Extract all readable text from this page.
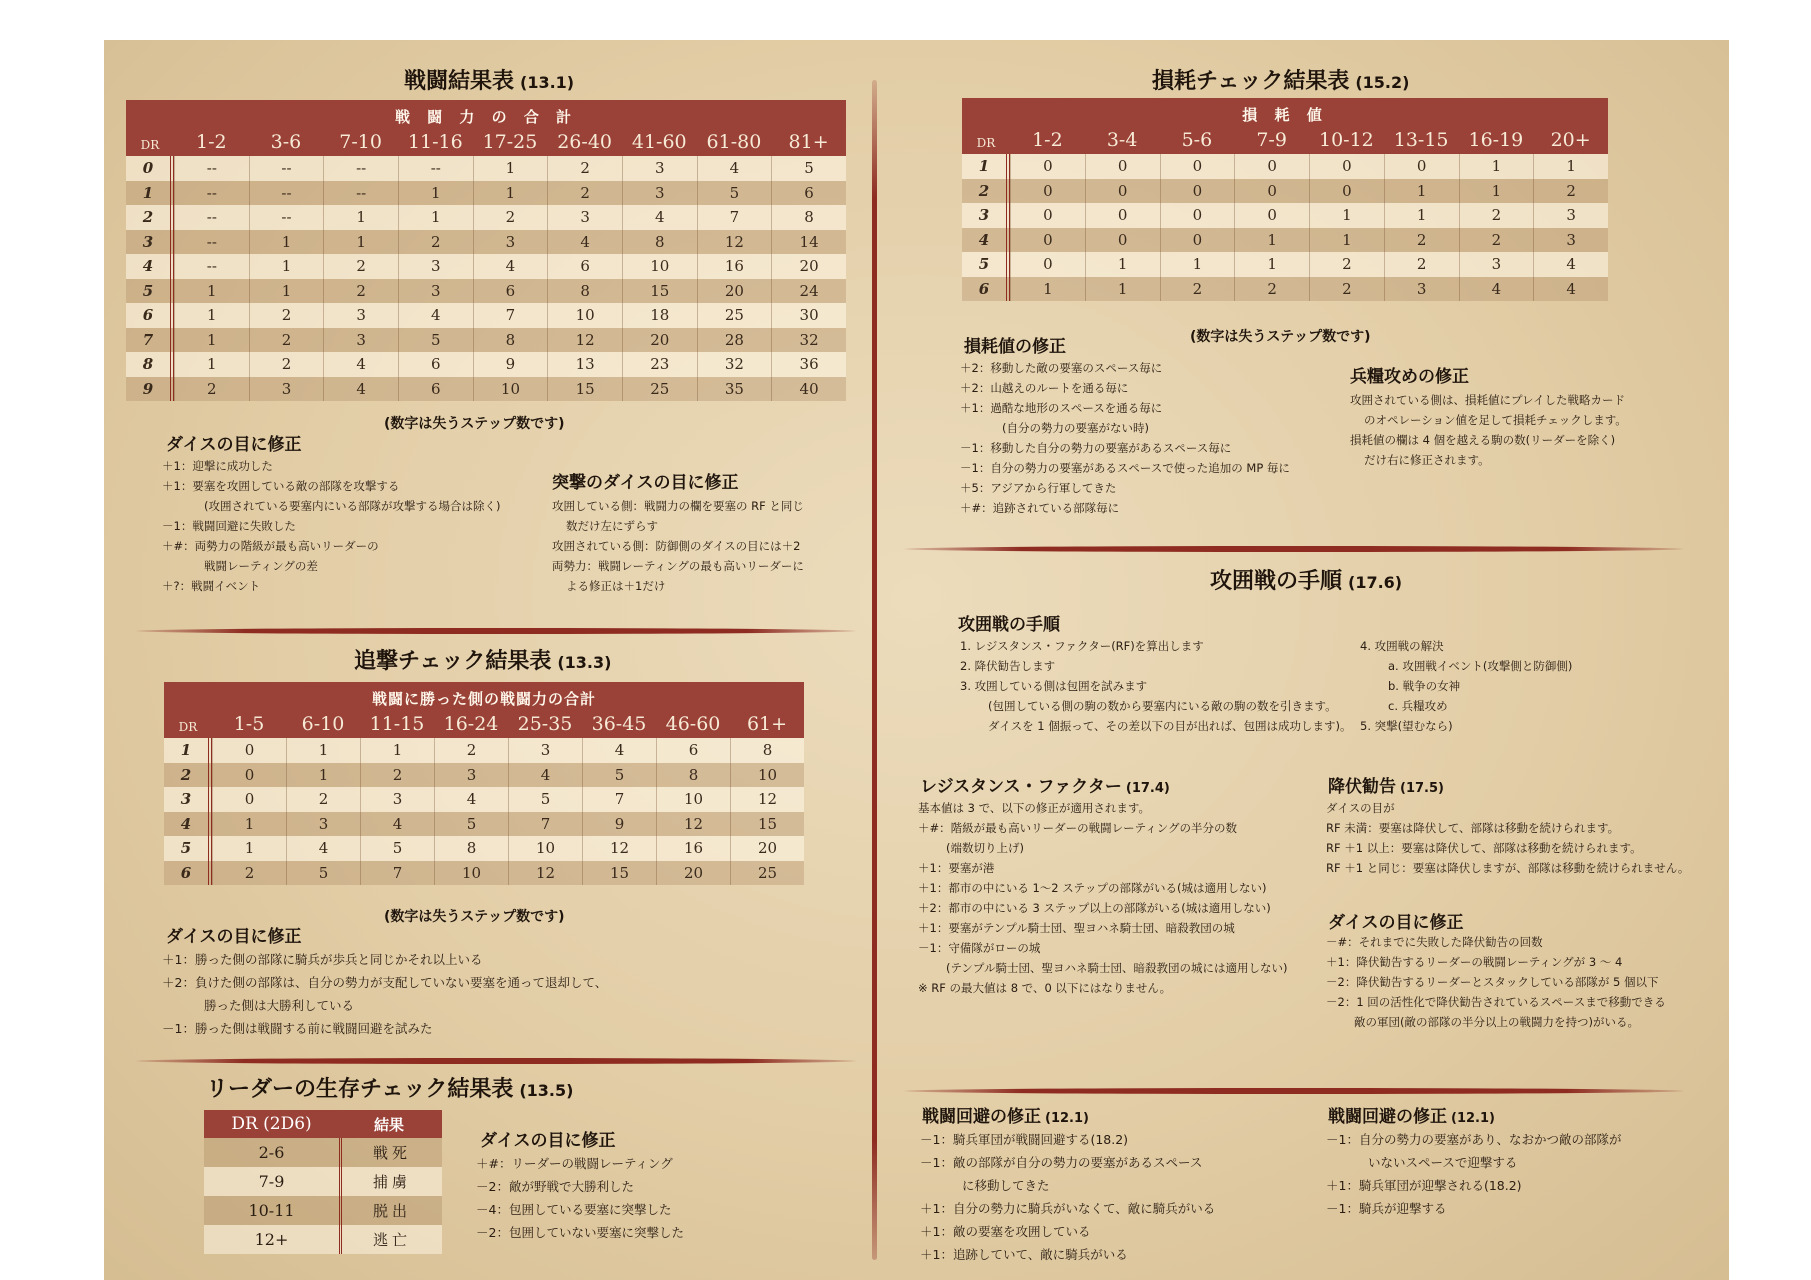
戦闘結果表 (13.1)
戦 闘 力 の 合 計
DR	1-2	3-6	7-10	11-16	17-25	26-40	41-60	61-80	81+
0	--	--	--	--	1	2	3	4	5
1	--	--	--	1	1	2	3	5	6
2	--	--	1	1	2	3	4	7	8
3	--	1	1	2	3	4	8	12	14
4	--	1	2	3	4	6	10	16	20
5	1	1	2	3	6	8	15	20	24
6	1	2	3	4	7	10	18	25	30
7	1	2	3	5	8	12	20	28	32
8	1	2	4	6	9	13	23	32	36
9	2	3	4	6	10	15	25	35	40
(数字は失うステップ数です)
ダイスの目に修正
＋1：迎撃に成功した
＋1：要塞を攻囲している敵の部隊を攻撃する
(攻囲されている要塞内にいる部隊が攻撃する場合は除く)
－1：戦闘回避に失敗した
＋#：両勢力の階級が最も高いリーダーの
戦闘レーティングの差
＋?：戦闘イベント
突撃のダイスの目に修正
攻囲している側：戦闘力の欄を要塞の RF と同じ
数だけ左にずらす
攻囲されている側：防御側のダイスの目には＋2
両勢力：戦闘レーティングの最も高いリーダーに
よる修正は＋1だけ
追撃チェック結果表 (13.3)
戦闘に勝った側の戦闘力の合計
DR	1-5	6-10	11-15	16-24	25-35	36-45	46-60	61+
1	0	1	1	2	3	4	6	8
2	0	1	2	3	4	5	8	10
3	0	2	3	4	5	7	10	12
4	1	3	4	5	7	9	12	15
5	1	4	5	8	10	12	16	20
6	2	5	7	10	12	15	20	25
(数字は失うステップ数です)
ダイスの目に修正
＋1：勝った側の部隊に騎兵が歩兵と同じかそれ以上いる
＋2：負けた側の部隊は、自分の勢力が支配していない要塞を通って退却して、
勝った側は大勝利している
－1：勝った側は戦闘する前に戦闘回避を試みた
リーダーの生存チェック結果表 (13.5)
DR (2D6)	結果
2-6	戦死
7-9	捕虜
10-11	脱出
12+	逃亡
ダイスの目に修正
＋#：リーダーの戦闘レーティング
－2：敵が野戦で大勝利した
－4：包囲している要塞に突撃した
－2：包囲していない要塞に突撃した
損耗チェック結果表 (15.2)
損 耗 値
DR	1-2	3-4	5-6	7-9	10-12	13-15	16-19	20+
1	0	0	0	0	0	0	1	1
2	0	0	0	0	0	1	1	2
3	0	0	0	0	1	1	2	3
4	0	0	0	1	1	2	2	3
5	0	1	1	1	2	2	3	4
6	1	1	2	2	2	3	4	4
(数字は失うステップ数です)
損耗値の修正
＋2：移動した敵の要塞のスペース毎に
＋2：山越えのルートを通る毎に
＋1：過酷な地形のスペースを通る毎に
(自分の勢力の要塞がない時)
－1：移動した自分の勢力の要塞があるスペース毎に
－1：自分の勢力の要塞があるスペースで使った追加の MP 毎に
＋5：アジアから行軍してきた
＋#：追跡されている部隊毎に
兵糧攻めの修正
攻囲されている側は、損耗値にプレイした戦略カード
のオペレーション値を足して損耗チェックします。
損耗値の欄は 4 個を越える駒の数(リーダーを除く)
だけ右に修正されます。
攻囲戦の手順 (17.6)
攻囲戦の手順
1. レジスタンス・ファクター(RF)を算出します
2. 降伏勧告します
3. 攻囲している側は包囲を試みます
(包囲している側の駒の数から要塞内にいる敵の駒の数を引きます。
ダイスを 1 個振って、その差以下の目が出れば、包囲は成功します)。
4. 攻囲戦の解決
a. 攻囲戦イベント(攻撃側と防御側)
b. 戦争の女神
c. 兵糧攻め
5. 突撃(望むなら)
レジスタンス・ファクター (17.4)
基本値は 3 で、以下の修正が適用されます。
＋#：階級が最も高いリーダーの戦闘レーティングの半分の数
(端数切り上げ)
＋1：要塞が港
＋1：都市の中にいる 1～2 ステップの部隊がいる(城は適用しない)
＋2：都市の中にいる 3 ステップ以上の部隊がいる(城は適用しない)
＋1：要塞がテンプル騎士団、聖ヨハネ騎士団、暗殺教団の城
－1：守備隊がローの城
(テンプル騎士団、聖ヨハネ騎士団、暗殺教団の城には適用しない)
※ RF の最大値は 8 で、0 以下にはなりません。
降伏勧告 (17.5)
ダイスの目が
RF 未満：要塞は降伏して、部隊は移動を続けられます。
RF ＋1 以上：要塞は降伏して、部隊は移動を続けられます。
RF ＋1 と同じ：要塞は降伏しますが、部隊は移動を続けられません。
ダイスの目に修正
－#：それまでに失敗した降伏勧告の回数
＋1：降伏勧告するリーダーの戦闘レーティングが 3 ～ 4
－2：降伏勧告するリーダーとスタックしている部隊が 5 個以下
－2：1 回の活性化で降伏勧告されているスペースまで移動できる
敵の軍団(敵の部隊の半分以上の戦闘力を持つ)がいる。
戦闘回避の修正 (12.1)
－1：騎兵軍団が戦闘回避する(18.2)
－1：敵の部隊が自分の勢力の要塞があるスペース
に移動してきた
＋1：自分の勢力に騎兵がいなくて、敵に騎兵がいる
＋1：敵の要塞を攻囲している
＋1：追跡していて、敵に騎兵がいる
戦闘回避の修正 (12.1)
－1：自分の勢力の要塞があり、なおかつ敵の部隊が
いないスペースで迎撃する
＋1：騎兵軍団が迎撃される(18.2)
－1：騎兵が迎撃する
